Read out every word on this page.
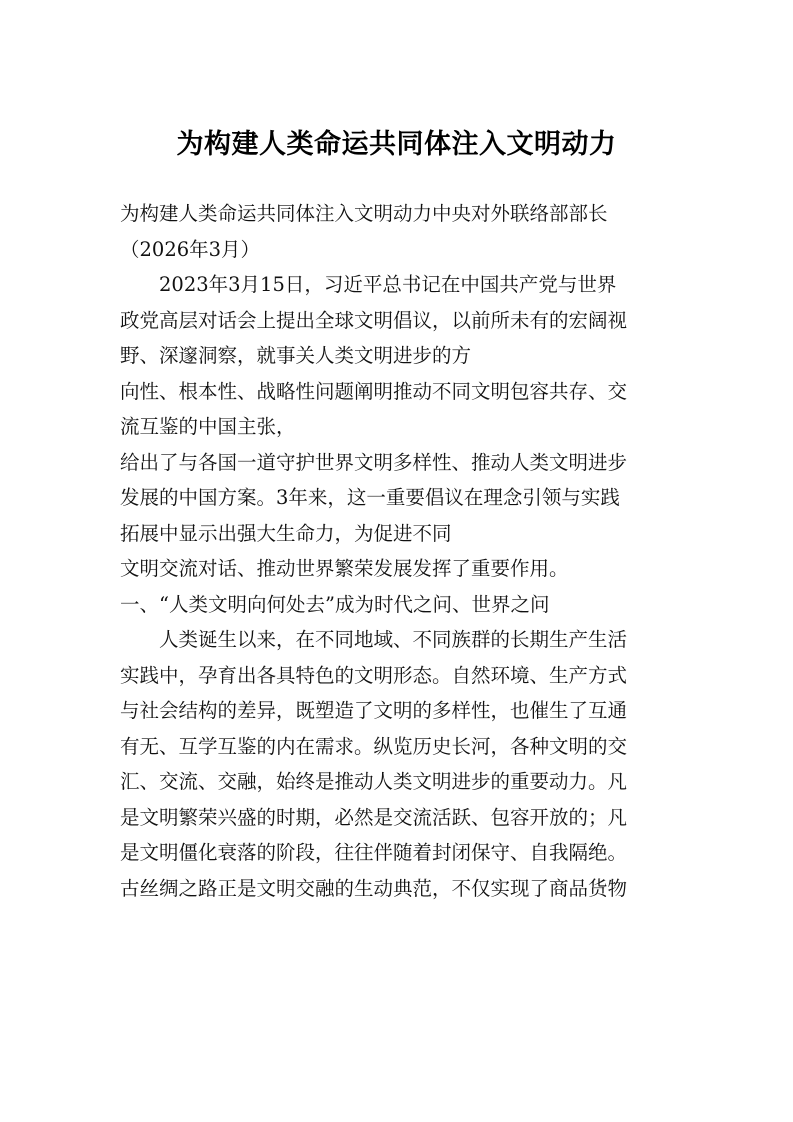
为构建人类命运共同体注入文明动力
为构建人类命运共同体注入文明动力中央对外联络部部长
（2026年3月）
2023年3月15日，习近平总书记在中国共产党与世界
政党高层对话会上提出全球文明倡议，以前所未有的宏阔视
野、深邃洞察，就事关人类文明进步的方
向性、根本性、战略性问题阐明推动不同文明包容共存、交
流互鉴的中国主张，
给出了与各国一道守护世界文明多样性、推动人类文明进步
发展的中国方案。3年来，这一重要倡议在理念引领与实践
拓展中显示出强大生命力，为促进不同
文明交流对话、推动世界繁荣发展发挥了重要作用。
一、“人类文明向何处去”成为时代之问、世界之问
人类诞生以来，在不同地域、不同族群的长期生产生活
实践中，孕育出各具特色的文明形态。自然环境、生产方式
与社会结构的差异，既塑造了文明的多样性，也催生了互通
有无、互学互鉴的内在需求。纵览历史长河，各种文明的交
汇、交流、交融，始终是推动人类文明进步的重要动力。凡
是文明繁荣兴盛的时期，必然是交流活跃、包容开放的；凡
是文明僵化衰落的阶段，往往伴随着封闭保守、自我隔绝。
古丝绸之路正是文明交融的生动典范，不仅实现了商品货物
